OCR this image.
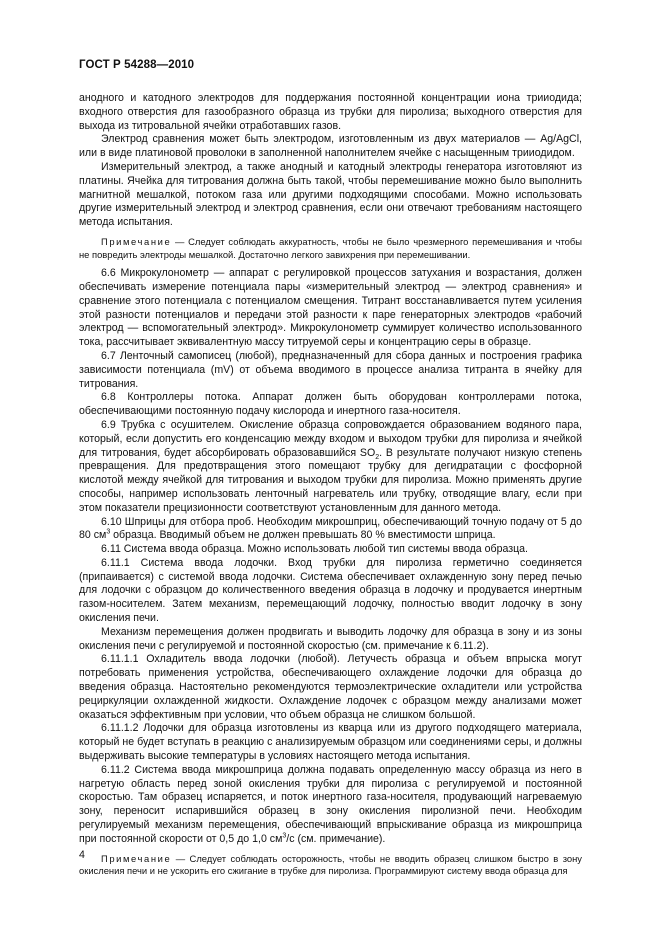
ГОСТ Р 54288—2010

анодного и катодного электродов для поддержания постоянной концентрации иона трииодида; входного отверстия для газообразного образца из трубки для пиролиза; выходного отверстия для выхода из титровальной ячейки отработавших газов.

Электрод сравнения может быть электродом, изготовленным из двух материалов — Ag/AgCl, или в виде платиновой проволоки в заполненной наполнителем ячейке с насыщенным трииодидом.

Измерительный электрод, а также анодный и катодный электроды генератора изготовляют из платины. Ячейка для титрования должна быть такой, чтобы перемешивание можно было выполнить магнитной мешалкой, потоком газа или другими подходящими способами. Можно использовать другие измерительный электрод и электрод сравнения, если они отвечают требованиям настоящего метода испытания.

Примечание — Следует соблюдать аккуратность, чтобы не было чрезмерного перемешивания и чтобы не повредить электроды мешалкой. Достаточно легкого завихрения при перемешивании.

6.6 Микрокулонометр — аппарат с регулировкой процессов затухания и возрастания, должен обеспечивать измерение потенциала пары «измерительный электрод — электрод сравнения» и сравнение этого потенциала с потенциалом смещения. Титрант восстанавливается путем усиления этой разности потенциалов и передачи этой разности к паре генераторных электродов «рабочий электрод — вспомогательный электрод». Микрокулонометр суммирует количество использованного тока, рассчитывает эквивалентную массу титруемой серы и концентрацию серы в образце.

6.7 Ленточный самописец (любой), предназначенный для сбора данных и построения графика зависимости потенциала (mV) от объема вводимого в процессе анализа титранта в ячейку для титрования.

6.8 Контроллеры потока. Аппарат должен быть оборудован контроллерами потока, обеспечивающими постоянную подачу кислорода и инертного газа-носителя.

6.9 Трубка с осушителем. Окисление образца сопровождается образованием водяного пара, который, если допустить его конденсацию между входом и выходом трубки для пиролиза и ячейкой для титрования, будет абсорбировать образовавшийся $SO_2$. В результате получают низкую степень превращения. Для предотвращения этого помещают трубку для дегидратации с фосфорной кислотой между ячейкой для титрования и выходом трубки для пиролиза. Можно применять другие способы, например использовать ленточный нагреватель или трубку, отводящие влагу, если при этом показатели прецизионности соответствуют установленным для данного метода.

6.10 Шприцы для отбора проб. Необходим микрошприц, обеспечивающий точную подачу от 5 до 80 $см^3$ образца. Вводимый объем не должен превышать 80 % вместимости шприца.

6.11 Система ввода образца. Можно использовать любой тип системы ввода образца.

6.11.1 Система ввода лодочки. Вход трубки для пиролиза герметично соединяется (припаивается) с системой ввода лодочки. Система обеспечивает охлажденную зону перед печью для лодочки с образцом до количественного введения образца в лодочку и продувается инертным газом-носителем. Затем механизм, перемещающий лодочку, полностью вводит лодочку в зону окисления печи.

Механизм перемещения должен продвигать и выводить лодочку для образца в зону и из зоны окисления печи с регулируемой и постоянной скоростью (см. примечание к 6.11.2).

6.11.1.1 Охладитель ввода лодочки (любой). Летучесть образца и объем впрыска могут потребовать применения устройства, обеспечивающего охлаждение лодочки для образца до введения образца. Настоятельно рекомендуются термоэлектрические охладители или устройства рециркуляции охлажденной жидкости. Охлаждение лодочек с образцом между анализами может оказаться эффективным при условии, что объем образца не слишком большой.

6.11.1.2 Лодочки для образца изготовлены из кварца или из другого подходящего материала, который не будет вступать в реакцию с анализируемым образцом или соединениями серы, и должны выдерживать высокие температуры в условиях настоящего метода испытания.

6.11.2 Система ввода микрошприца должна подавать определенную массу образца из него в нагретую область перед зоной окисления трубки для пиролиза с регулируемой и постоянной скоростью. Там образец испаряется, и поток инертного газа-носителя, продувающий нагреваемую зону, переносит испарившийся образец в зону окисления пиролизной печи. Необходим регулируемый механизм перемещения, обеспечивающий впрыскивание образца из микрошприца при постоянной скорости от 0,5 до 1,0 $см^3/с$ (см. примечание).

Примечание — Следует соблюдать осторожность, чтобы не вводить образец слишком быстро в зону окисления печи и не ускорить его сжигание в трубке для пиролиза. Программируют систему ввода образца для

4
